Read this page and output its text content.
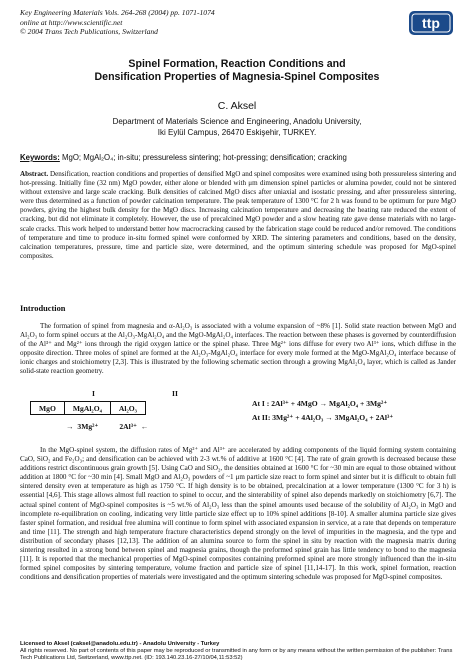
Key Engineering Materials Vols. 264-268 (2004) pp. 1071-1074
online at http://www.scientific.net
© 2004 Trans Tech Publications, Switzerland
ttp
Spinel Formation, Reaction Conditions and
Densification Properties of Magnesia-Spinel Composites
C. Aksel
Department of Materials Science and Engineering, Anadolu University,
Iki Eylül Campus, 26470 Eskişehir, TURKEY.
Keywords: MgO; MgAl₂O₄; in-situ; pressureless sintering; hot-pressing; densification; cracking
Abstract. Densification, reaction conditions and properties of densified MgO and spinel composites were examined using both pressureless sintering and hot-pressing. Initially fine (32 nm) MgO powder, either alone or blended with μm dimension spinel particles or alumina powder, could not be sintered without extensive and large scale cracking. Bulk densities of calcined MgO discs after uniaxial and isostatic pressing, and after pressureless sintering, were thus determined as a function of powder calcination temperature. The peak temperature of 1300 °C for 2 h was found to be optimum for pure MgO powders, giving the highest bulk density for the MgO discs. Increasing calcination temperature and decreasing the heating rate reduced the extent of cracking, but did not eliminate it completely. However, the use of precalcined MgO powder and a slow heating rate gave dense materials with no large-scale cracks. This work helped to understand better how macrocracking caused by the fabrication stage could be reduced and/or removed. The conditions of temperature and time to produce in-situ formed spinel were conformed by XRD. The sintering parameters and conditions, based on the density, calcination temperatures, pressure, time and particle size, were determined, and the optimum sintering schedule was proposed for MgO-spinel composites.
Introduction
The formation of spinel from magnesia and α-Al₂O₃ is associated with a volume expansion of ~8% [1]. Solid state reaction between MgO and Al₂O₃ to form spinel occurs at the Al₂O₃-MgAl₂O₄ and the MgO-MgAl₂O₄ interfaces. The reaction between these phases is governed by counterdiffusion of the Al³⁺ and Mg²⁺ ions through the rigid oxygen lattice or the spinel phase. Three Mg²⁺ ions diffuse for every two Al³⁺ ions, which diffuse in the opposite direction. Three moles of spinel are formed at the Al₂O₃-MgAl₂O₄ interface for every mole formed at the MgO-MgAl₂O₄ interface because of ionic charges and stoichiometry [2,3]. This is illustrated by the following schematic section through a growing MgAl₂O₄ layer, which is called as Jander solid-state reaction geometry.
I	II
MgO	MgAl₂O₄	Al₂O₃
→  3Mg²⁺           2Al³⁺  ←
At I : 2Al³⁺ + 4MgO → MgAl₂O₄ + 3Mg²⁺
At II: 3Mg²⁺ + 4Al₂O₃ → 3MgAl₂O₄ + 2Al³⁺
In the MgO-spinel system, the diffusion rates of Mg²⁺ and Al³⁺ are accelerated by adding components of the liquid forming system containing CaO, SiO₂ and Fe₂O₃; and densification can be achieved with 2-3 wt.% of additive at 1600 °C [4]. The rate of grain growth is decreased because these additions restrict discontinuous grain growth [5]. Using CaO and SiO₂, the densities obtained at 1600 °C for ~30 min are equal to those obtained without addition at 1800 °C for ~30 min [4]. Small MgO and Al₂O₃ powders of ~1 μm particle size react to form spinel and sinter but it is difficult to obtain full sintered density even at temperature as high as 1750 °C. If high density is to be obtained, precalcination at a lower temperature (1300 °C for 3 h) is essential [4,6]. This stage allows almost full reaction to spinel to occur, and the sinterability of spinel also depends markedly on stoichiometry [6,7]. The actual spinel content of MgO-spinel composites is ~5 wt.% of Al₂O₃ less than the spinel amounts used because of the solubility of Al₂O₃ in MgO and incomplete re-equilibration on cooling, indicating very little particle size effect up to 10% spinel additions [8-10]. A smaller alumina particle size gives faster spinel formation, and residual free alumina will continue to form spinel with associated expansion in service, at a rate that depends on temperature and time [11]. The strength and high temperature fracture characteristics depend strongly on the level of impurities in the magnesia, and the type and distribution of secondary phases [12,13]. The addition of an alumina source to form the spinel in situ by reaction with the magnesia matrix during sintering resulted in a strong bond between spinel and magnesia grains, though the preformed spinel grain has little tendency to bond to the magnesia [11]. It is reported that the mechanical properties of MgO-spinel composites containing preformed spinel are more strongly influenced than the in-situ formed spinel composites by sintering temperature, volume fraction and particle size of spinel [11,14-17]. In this work, spinel formation, reaction conditions and densification properties of materials were investigated and the optimum sintering schedule was proposed for MgO-spinel composites.
Licensed to Aksel (caksel@anadolu.edu.tr) - Anadolu University - Turkey
All rights reserved. No part of contents of this paper may be reproduced or transmitted in any form or by any means without the written permission of the publisher: Trans Tech Publications Ltd, Switzerland, www.ttp.net. (ID: 193.140.23.16-27/10/04,11:53:52)
